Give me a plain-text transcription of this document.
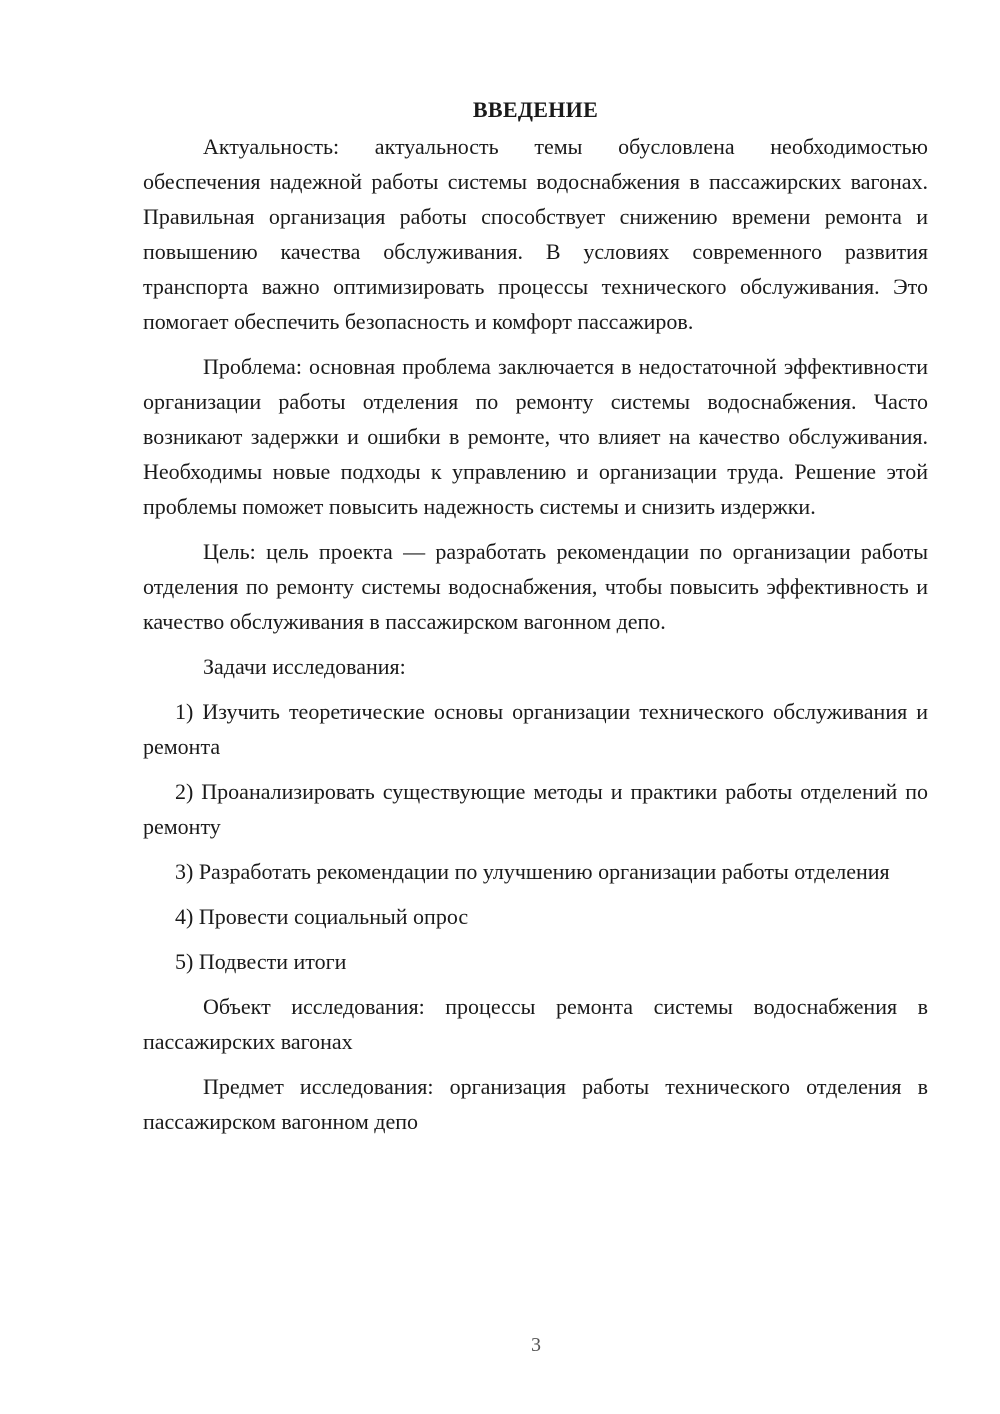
ВВЕДЕНИЕ

Актуальность: актуальность темы обусловлена необходимостью обеспечения надежной работы системы водоснабжения в пассажирских вагонах. Правильная организация работы способствует снижению времени ремонта и повышению качества обслуживания. В условиях современного развития транспорта важно оптимизировать процессы технического обслуживания. Это помогает обеспечить безопасность и комфорт пассажиров.

Проблема: основная проблема заключается в недостаточной эффективности организации работы отделения по ремонту системы водоснабжения. Часто возникают задержки и ошибки в ремонте, что влияет на качество обслуживания. Необходимы новые подходы к управлению и организации труда. Решение этой проблемы поможет повысить надежность системы и снизить издержки.

Цель: цель проекта — разработать рекомендации по организации работы отделения по ремонту системы водоснабжения, чтобы повысить эффективность и качество обслуживания в пассажирском вагонном депо.

Задачи исследования:

1) Изучить теоретические основы организации технического обслуживания и ремонта

2) Проанализировать существующие методы и практики работы отделений по ремонту

3) Разработать рекомендации по улучшению организации работы отделения

4) Провести социальный опрос

5) Подвести итоги

Объект исследования: процессы ремонта системы водоснабжения в пассажирских вагонах

Предмет исследования: организация работы технического отделения в пассажирском вагонном депо

3
